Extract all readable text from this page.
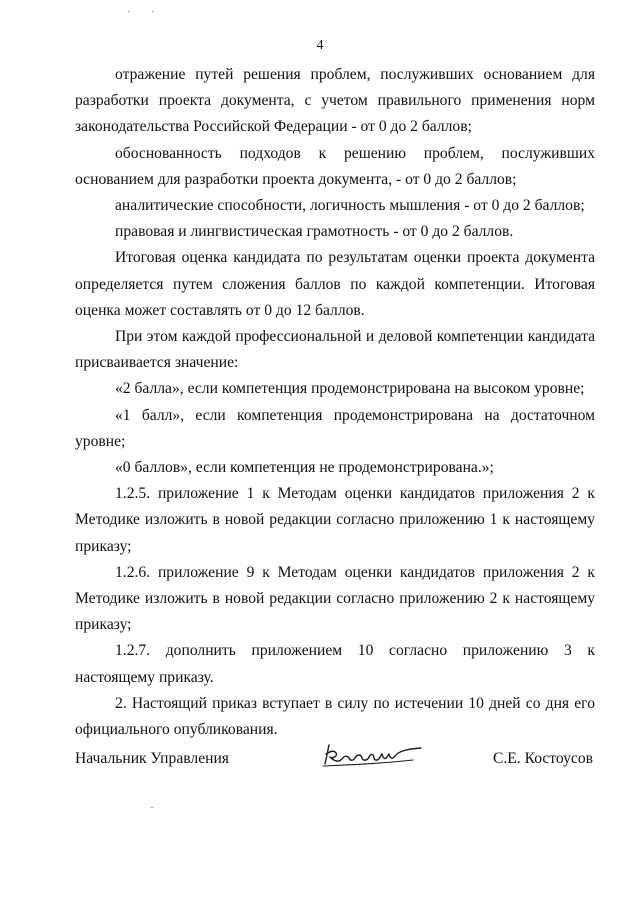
4

отражение путей решения проблем, послуживших основанием для разработки проекта документа, с учетом правильного применения норм законодательства Российской Федерации - от 0 до 2 баллов;

обоснованность подходов к решению проблем, послуживших основанием для разработки проекта документа, - от 0 до 2 баллов;

аналитические способности, логичность мышления - от 0 до 2 баллов;

правовая и лингвистическая грамотность - от 0 до 2 баллов.

Итоговая оценка кандидата по результатам оценки проекта документа определяется путем сложения баллов по каждой компетенции. Итоговая оценка может составлять от 0 до 12 баллов.

При этом каждой профессиональной и деловой компетенции кандидата присваивается значение:

«2 балла», если компетенция продемонстрирована на высоком уровне;

«1 балл», если компетенция продемонстрирована на достаточном уровне;

«0 баллов», если компетенция не продемонстрирована.»;

1.2.5. приложение 1 к Методам оценки кандидатов приложения 2 к Методике изложить в новой редакции согласно приложению 1 к настоящему приказу;

1.2.6. приложение 9 к Методам оценки кандидатов приложения 2 к Методике изложить в новой редакции согласно приложению 2 к настоящему приказу;

1.2.7. дополнить приложением 10 согласно приложению 3 к настоящему приказу.

2. Настоящий приказ вступает в силу по истечении 10 дней со дня его официального опубликования.

Начальник Управления	С.Е. Костоусов
